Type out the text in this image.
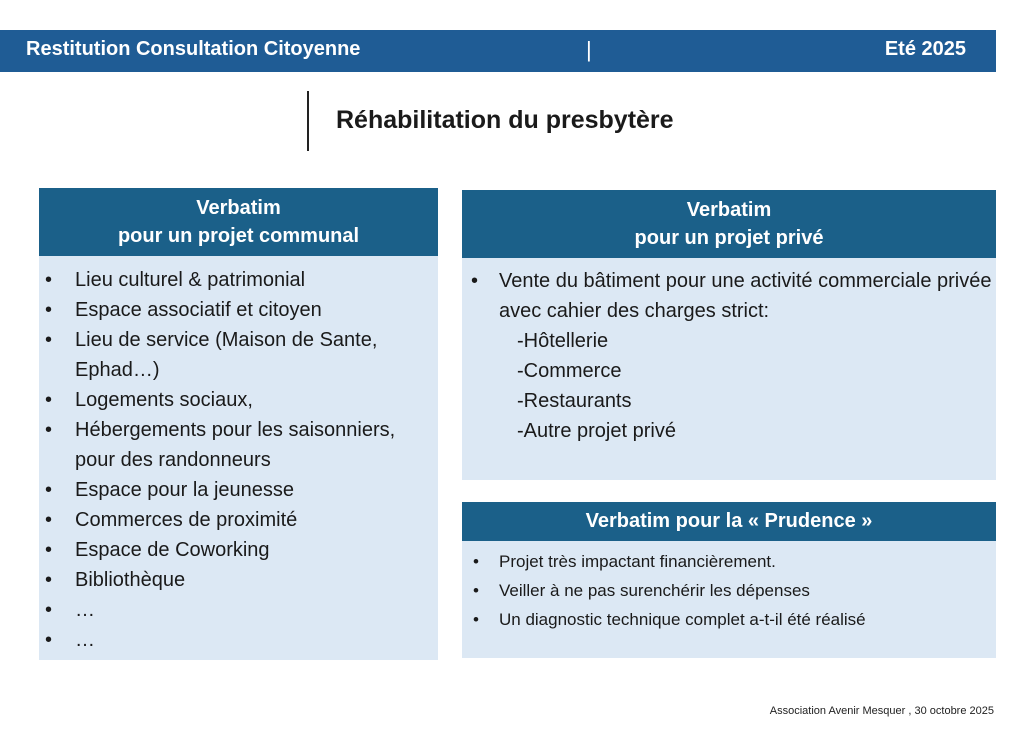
Restitution Consultation Citoyenne	|	Eté 2025
Réhabilitation du presbytère
Verbatim
pour un projet communal
• Lieu culturel & patrimonial
• Espace associatif et citoyen
• Lieu de service (Maison de Sante, Ephad…)
• Logements sociaux,
• Hébergements pour les saisonniers, pour des randonneurs
• Espace pour la jeunesse
• Commerces de proximité
• Espace de Coworking
• Bibliothèque
• …
• …
Verbatim
pour un projet privé
• Vente du bâtiment pour une activité commerciale privée avec cahier des charges strict:
-Hôtellerie
-Commerce
-Restaurants
-Autre projet privé
Verbatim pour la « Prudence »
• Projet très impactant financièrement.
• Veiller à ne pas surenchérir les dépenses
• Un diagnostic technique complet a-t-il été réalisé
Association Avenir Mesquer , 30 octobre 2025
